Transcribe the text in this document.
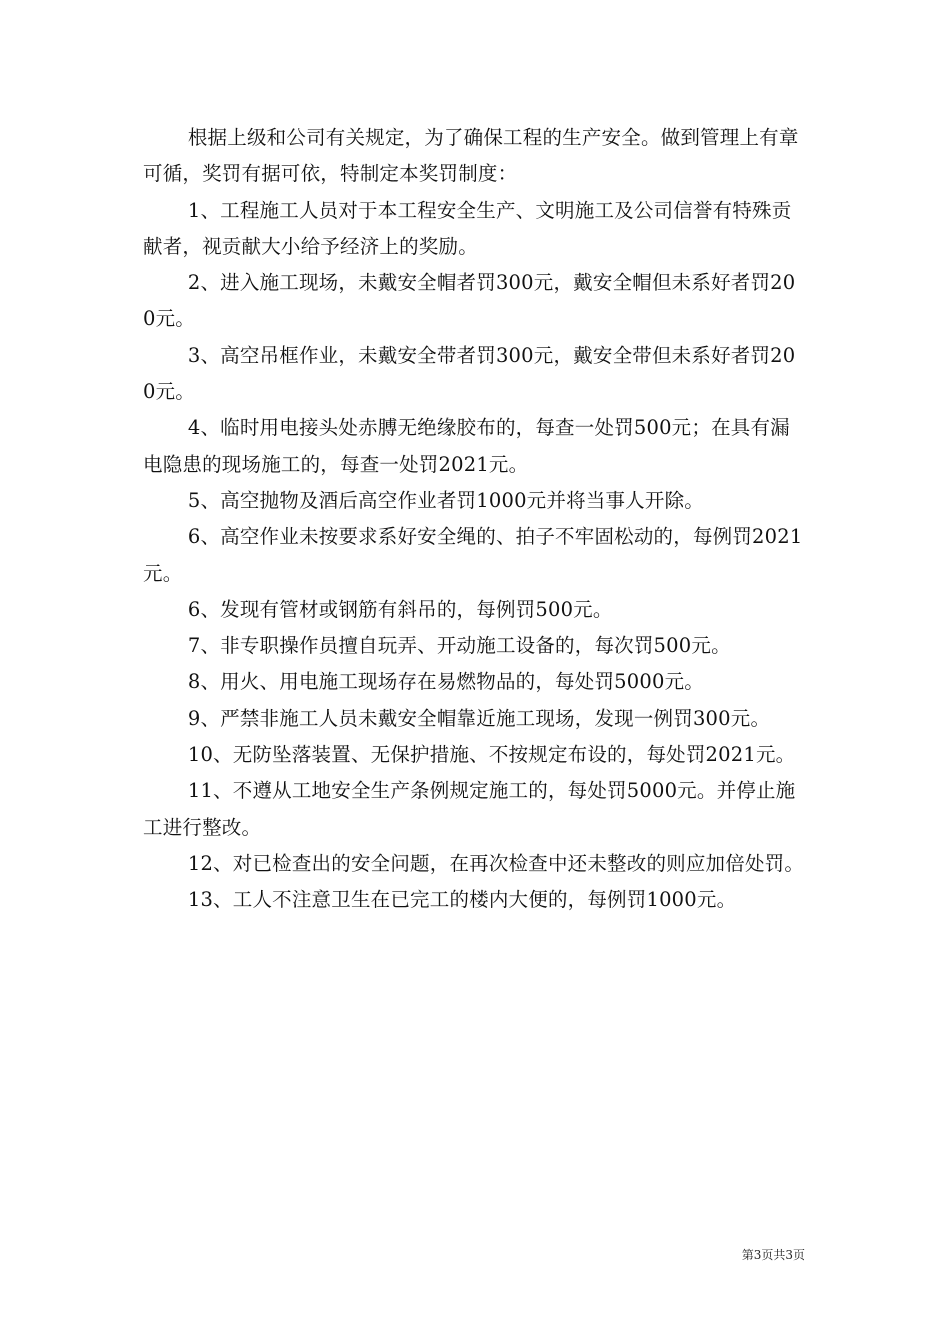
根据上级和公司有关规定，为了确保工程的生产安全。做到管理上有章可循，奖罚有据可依，特制定本奖罚制度：

1、工程施工人员对于本工程安全生产、文明施工及公司信誉有特殊贡献者，视贡献大小给予经济上的奖励。

2、进入施工现场，未戴安全帽者罚300元，戴安全帽但未系好者罚200元。

3、高空吊框作业，未戴安全带者罚300元，戴安全带但未系好者罚200元。

4、临时用电接头处赤膊无绝缘胶布的，每查一处罚500元；在具有漏电隐患的现场施工的，每查一处罚2021元。

5、高空抛物及酒后高空作业者罚1000元并将当事人开除。

6、高空作业未按要求系好安全绳的、拍子不牢固松动的，每例罚2021元。

6、发现有管材或钢筋有斜吊的，每例罚500元。

7、非专职操作员擅自玩弄、开动施工设备的，每次罚500元。

8、用火、用电施工现场存在易燃物品的，每处罚5000元。

9、严禁非施工人员未戴安全帽靠近施工现场，发现一例罚300元。

10、无防坠落装置、无保护措施、不按规定布设的，每处罚2021元。

11、不遵从工地安全生产条例规定施工的，每处罚5000元。并停止施工进行整改。

12、对已检查出的安全问题，在再次检查中还未整改的则应加倍处罚。

13、工人不注意卫生在已完工的楼内大便的，每例罚1000元。

第3页共3页
